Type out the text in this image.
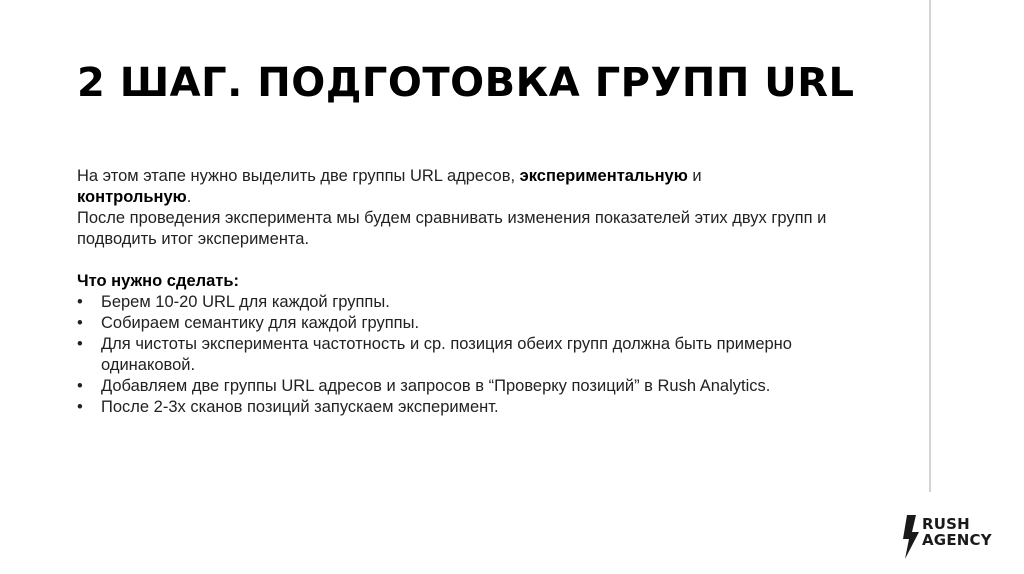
2 ШАГ. ПОДГОТОВКА ГРУПП URL

На этом этапе нужно выделить две группы URL адресов, экспериментальную и
контрольную.

После проведения эксперимента мы будем сравнивать изменения показателей этих двух групп и подводить итог эксперимента.

Что нужно сделать:

• Берем 10-20 URL для каждой группы.
• Собираем семантику для каждой группы.
• Для чистоты эксперимента частотность и ср. позиция обеих групп должна быть примерно одинаковой.
• Добавляем две группы URL адресов и запросов в “Проверку позиций” в Rush Analytics.
• После 2-3х сканов позиций запускаем эксперимент.
RUSH
AGENCY
